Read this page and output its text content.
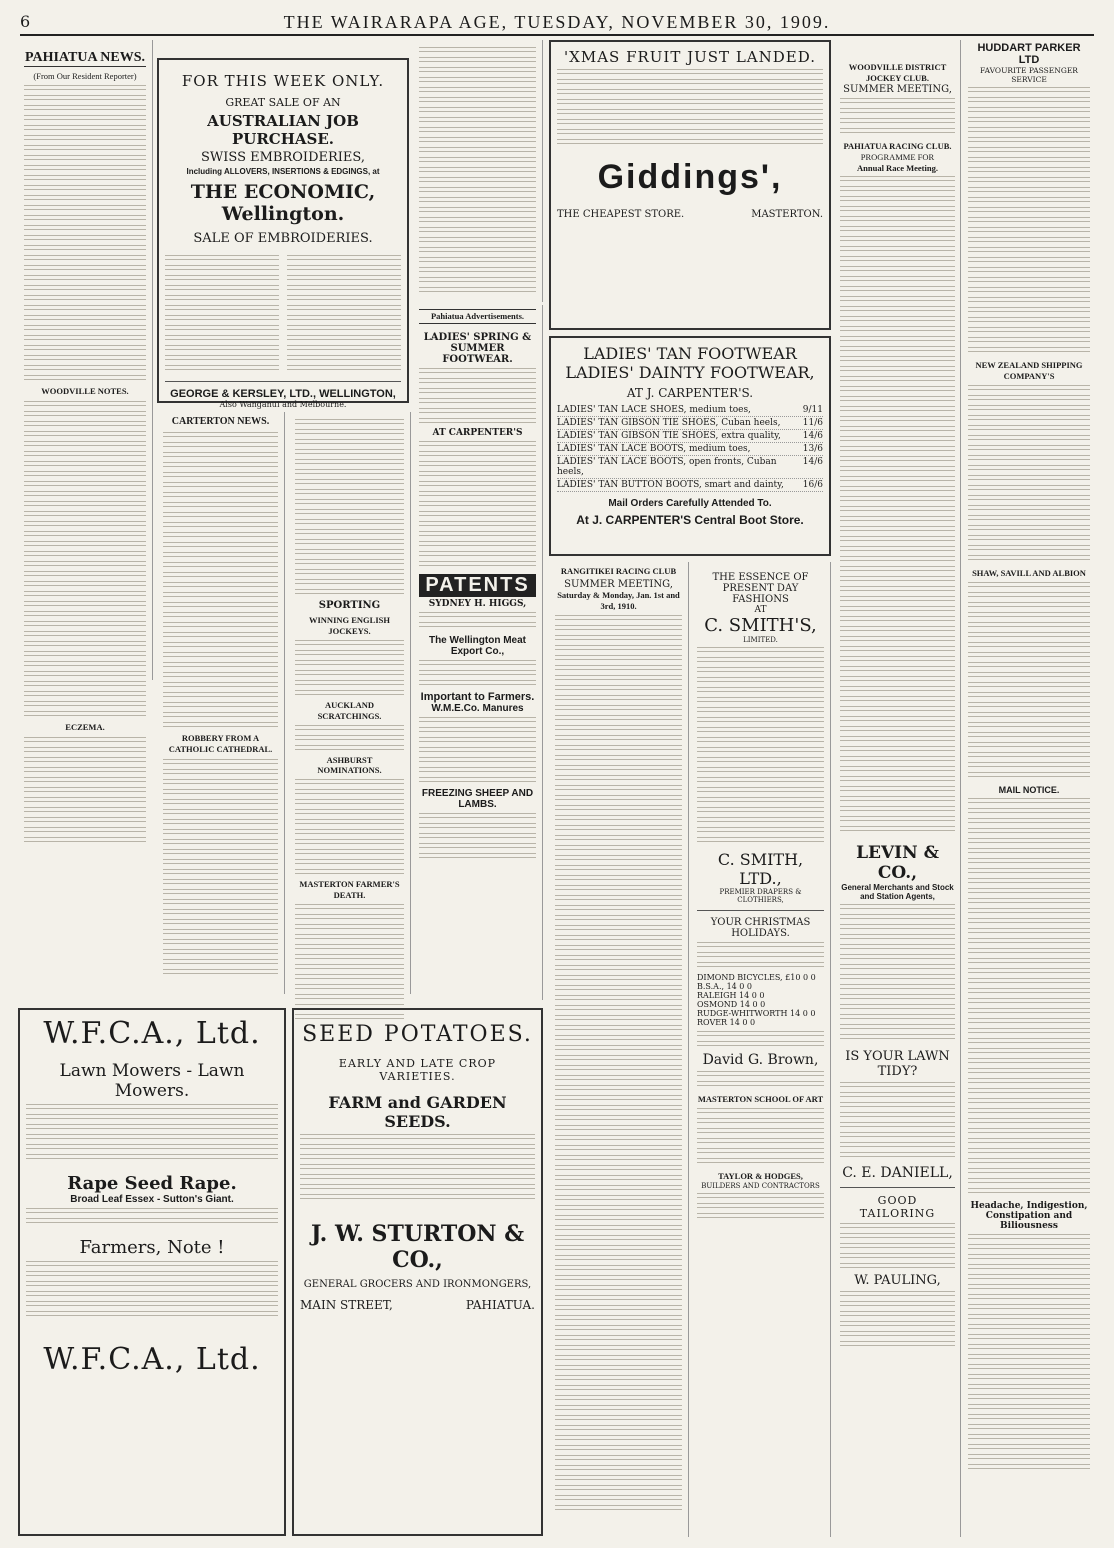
6	THE WAIRARAPA AGE, TUESDAY, NOVEMBER 30, 1909.
PAHIATUA NEWS.
(From Our Resident Reporter)
WOODVILLE NOTES.
ECZEMA.
FOR THIS WEEK ONLY.
GREAT SALE OF AN
AUSTRALIAN JOB PURCHASE.
SWISS EMBROIDERIES,
Including ALLOVERS, INSERTIONS & EDGINGS, at
THE ECONOMIC, Wellington.
SALE OF EMBROIDERIES.
GEORGE & KERSLEY, LTD., WELLINGTON,
Also Wanganui and Melbourne.
CARTERTON NEWS.
ROBBERY FROM A CATHOLIC CATHEDRAL.
SPORTING
WINNING ENGLISH JOCKEYS.
AUCKLAND SCRATCHINGS.
ASHBURST NOMINATIONS.
MASTERTON FARMER'S DEATH.
Pahiatua Advertisements.
LADIES' SPRING & SUMMER FOOTWEAR.
AT CARPENTER'S
PATENTS
SYDNEY H. HIGGS,
The Wellington Meat Export Co.,
Important to Farmers.
W.M.E.Co. Manures
FREEZING SHEEP AND LAMBS.
W.F.C.A., Ltd.
Lawn Mowers - Lawn Mowers.
Rape Seed Rape.
Broad Leaf Essex - Sutton's Giant.
Farmers, Note !
W.F.C.A., Ltd.
SEED POTATOES.
EARLY AND LATE CROP VARIETIES.
FARM and GARDEN SEEDS.
J. W. STURTON & CO.,
GENERAL GROCERS AND IRONMONGERS,
MAIN STREET,	PAHIATUA.
'XMAS FRUIT JUST LANDED.
Giddings',
THE CHEAPEST STORE.	MASTERTON.
LADIES' TAN FOOTWEAR
LADIES' DAINTY FOOTWEAR,
AT J. CARPENTER'S.
LADIES' TAN LACE SHOES, medium toes,	9/11
LADIES' TAN GIBSON TIE SHOES, Cuban heels, 11/6
LADIES' TAN GIBSON TIE SHOES, extra quality, 14/6
LADIES' TAN LACE BOOTS, medium toes,	13/6
LADIES' TAN LACE BOOTS, open fronts, Cuban heels,
14/6
LADIES' TAN BUTTON BOOTS, smart and dainty, 16/6
Mail Orders Carefully Attended To.
At J. CARPENTER'S Central Boot Store.
RANGITIKEI RACING CLUB
SUMMER MEETING,
Saturday & Monday, Jan. 1st and 3rd, 1910.
THE ESSENCE OF
PRESENT DAY FASHIONS
AT
C. SMITH'S,
LIMITED.
C. SMITH, LTD.,
PREMIER DRAPERS & CLOTHIERS,
YOUR CHRISTMAS HOLIDAYS.
DIMOND BICYCLES, £10 0 0
B.S.A., 14 0 0
RALEIGH 14 0 0
OSMOND 14 0 0
RUDGE-WHITWORTH 14 0 0
ROVER 14 0 0
David G. Brown,
MASTERTON SCHOOL OF ART
TAYLOR & HODGES,
BUILDERS AND CONTRACTORS
WOODVILLE DISTRICT JOCKEY CLUB.
SUMMER MEETING,
PAHIATUA RACING CLUB.
PROGRAMME FOR
Annual Race Meeting.
LEVIN & CO.,
General Merchants and Stock and Station Agents,
IS YOUR LAWN TIDY?
C. E. DANIELL,
GOOD TAILORING
W. PAULING,
HUDDART PARKER LTD
FAVOURITE PASSENGER SERVICE
NEW ZEALAND SHIPPING COMPANY'S
SHAW, SAVILL AND ALBION
MAIL NOTICE.
Headache, Indigestion, Constipation and Biliousness
